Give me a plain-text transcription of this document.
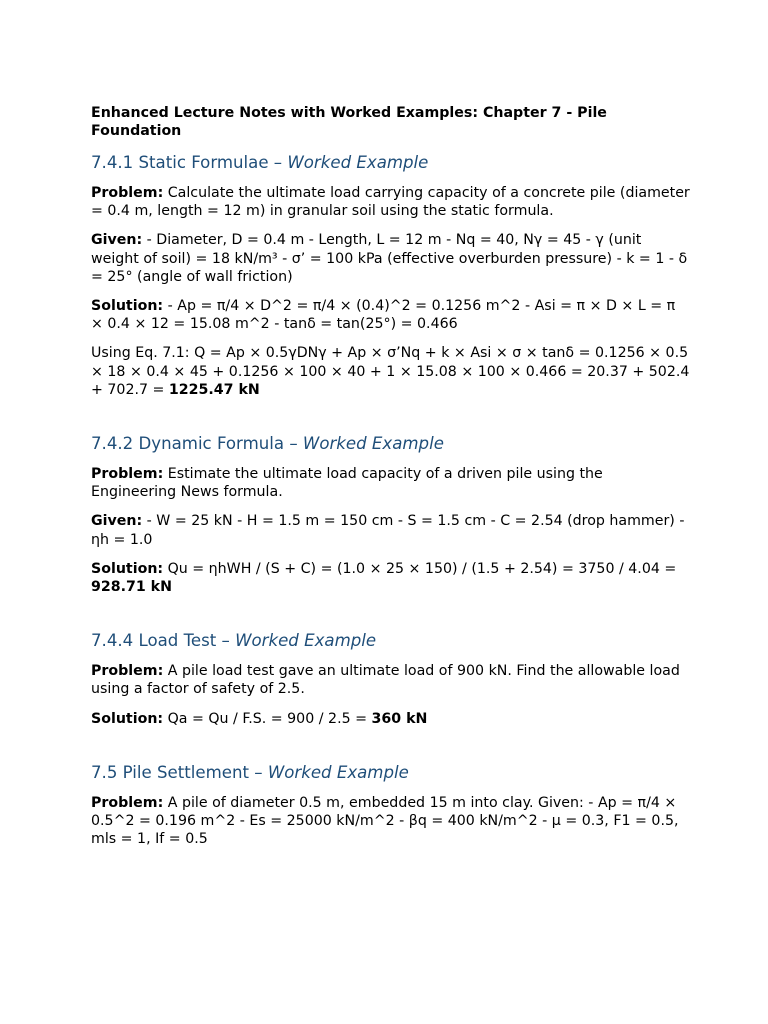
Enhanced Lecture Notes with Worked Examples: Chapter 7 - Pile Foundation
7.4.1 Static Formulae – Worked Example
Problem: Calculate the ultimate load carrying capacity of a concrete pile (diameter = 0.4 m, length = 12 m) in granular soil using the static formula.
Given: - Diameter, D = 0.4 m - Length, L = 12 m - Nq = 40, Nγ = 45 - γ (unit weight of soil) = 18 kN/m³ - σ’ = 100 kPa (effective overburden pressure) - k = 1 - δ = 25° (angle of wall friction)
Solution: - Ap = π/4 × D^2 = π/4 × (0.4)^2 = 0.1256 m^2 - Asi = π × D × L = π × 0.4 × 12 = 15.08 m^2 - tanδ = tan(25°) = 0.466
Using Eq. 7.1: Q = Ap × 0.5γDNγ + Ap × σ’Nq + k × Asi × σ × tanδ = 0.1256 × 0.5 × 18 × 0.4 × 45 + 0.1256 × 100 × 40 + 1 × 15.08 × 100 × 0.466 = 20.37 + 502.4 + 702.7 = 1225.47 kN
7.4.2 Dynamic Formula – Worked Example
Problem: Estimate the ultimate load capacity of a driven pile using the Engineering News formula.
Given: - W = 25 kN - H = 1.5 m = 150 cm - S = 1.5 cm - C = 2.54 (drop hammer) - ηh = 1.0
Solution: Qu = ηhWH / (S + C) = (1.0 × 25 × 150) / (1.5 + 2.54) = 3750 / 4.04 = 928.71 kN
7.4.4 Load Test – Worked Example
Problem: A pile load test gave an ultimate load of 900 kN. Find the allowable load using a factor of safety of 2.5.
Solution: Qa = Qu / F.S. = 900 / 2.5 = 360 kN
7.5 Pile Settlement – Worked Example
Problem: A pile of diameter 0.5 m, embedded 15 m into clay. Given: - Ap = π/4 × 0.5^2 = 0.196 m^2 - Es = 25000 kN/m^2 - βq = 400 kN/m^2 - μ = 0.3, F1 = 0.5, mls = 1, If = 0.5
